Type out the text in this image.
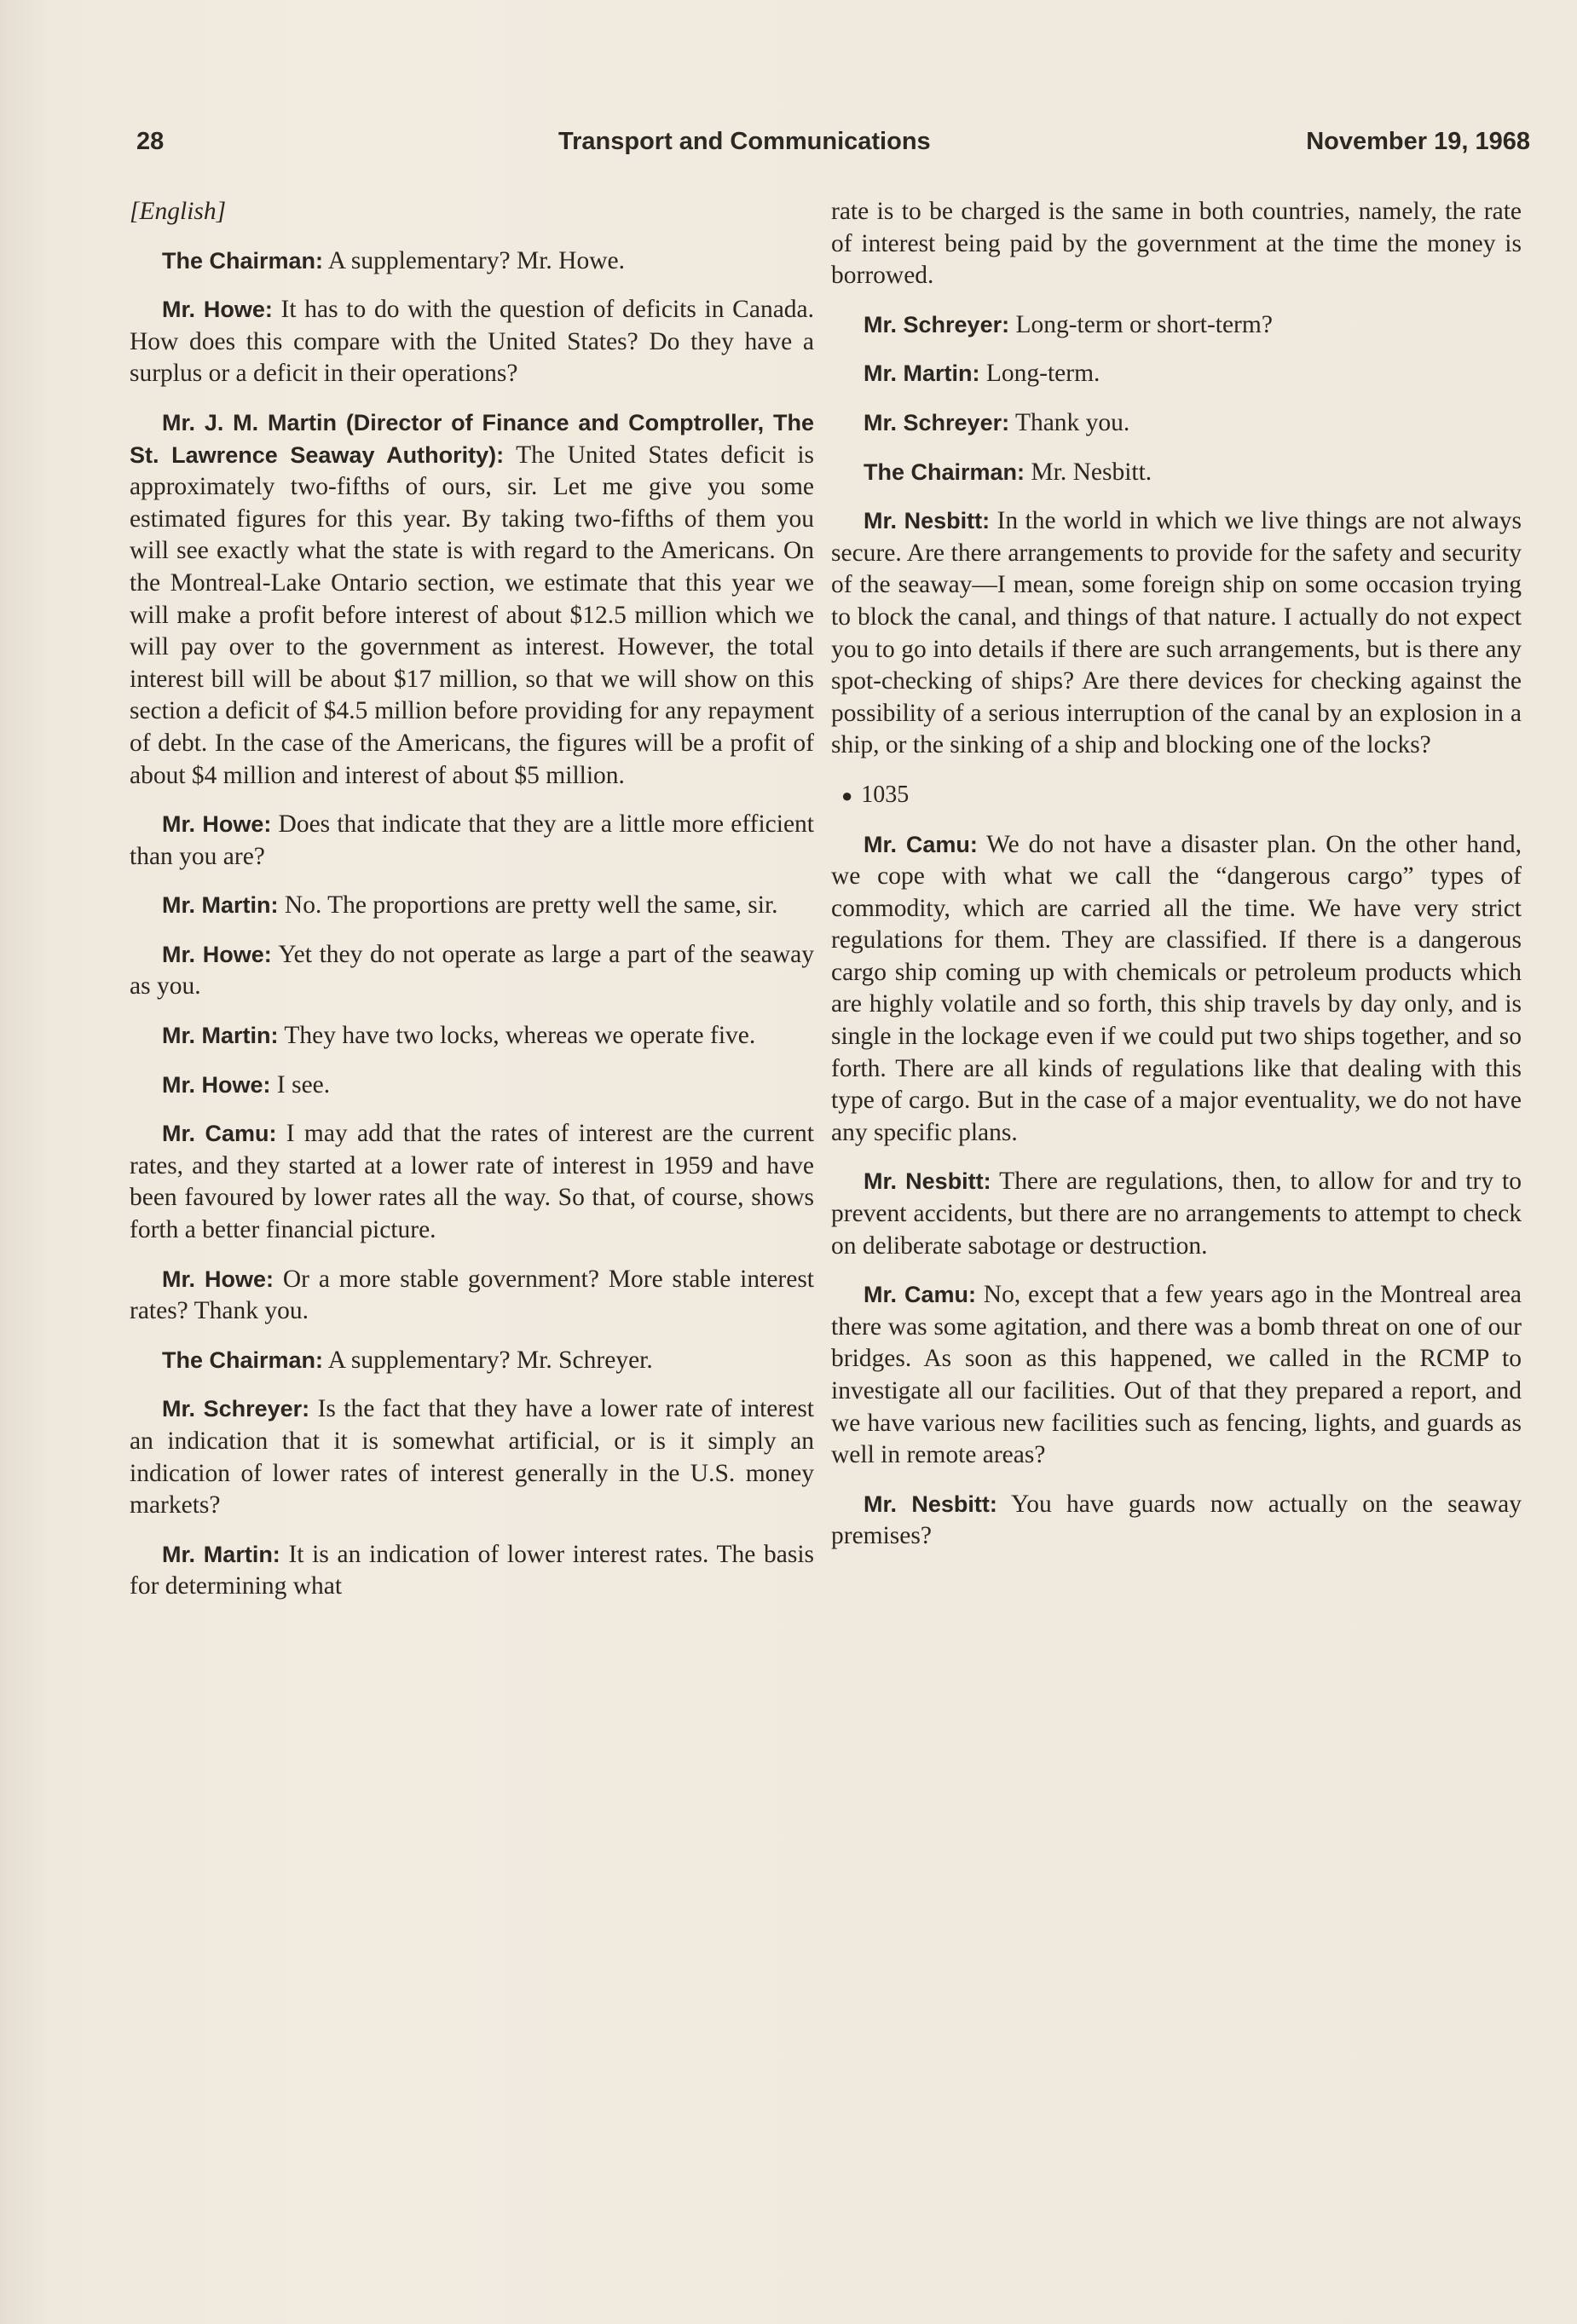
28	Transport and Communications	November 19, 1968

[English]

The Chairman: A supplementary? Mr. Howe.

Mr. Howe: It has to do with the question of deficits in Canada. How does this compare with the United States? Do they have a surplus or a deficit in their operations?

Mr. J. M. Martin (Director of Finance and Comptroller, The St. Lawrence Seaway Authority): The United States deficit is approximately two-fifths of ours, sir. Let me give you some estimated figures for this year. By taking two-fifths of them you will see exactly what the state is with regard to the Americans. On the Montreal-Lake Ontario section, we estimate that this year we will make a profit before interest of about $12.5 million which we will pay over to the government as interest. However, the total interest bill will be about $17 million, so that we will show on this section a deficit of $4.5 million before providing for any repayment of debt. In the case of the Americans, the figures will be a profit of about $4 million and interest of about $5 million.

Mr. Howe: Does that indicate that they are a little more efficient than you are?

Mr. Martin: No. The proportions are pretty well the same, sir.

Mr. Howe: Yet they do not operate as large a part of the seaway as you.

Mr. Martin: They have two locks, whereas we operate five.

Mr. Howe: I see.

Mr. Camu: I may add that the rates of interest are the current rates, and they started at a lower rate of interest in 1959 and have been favoured by lower rates all the way. So that, of course, shows forth a better financial picture.

Mr. Howe: Or a more stable government? More stable interest rates? Thank you.

The Chairman: A supplementary? Mr. Schreyer.

Mr. Schreyer: Is the fact that they have a lower rate of interest an indication that it is somewhat artificial, or is it simply an indication of lower rates of interest generally in the U.S. money markets?

Mr. Martin: It is an indication of lower interest rates. The basis for determining what

rate is to be charged is the same in both countries, namely, the rate of interest being paid by the government at the time the money is borrowed.

Mr. Schreyer: Long-term or short-term?

Mr. Martin: Long-term.

Mr. Schreyer: Thank you.

The Chairman: Mr. Nesbitt.

Mr. Nesbitt: In the world in which we live things are not always secure. Are there arrangements to provide for the safety and security of the seaway—I mean, some foreign ship on some occasion trying to block the canal, and things of that nature. I actually do not expect you to go into details if there are such arrangements, but is there any spot-checking of ships? Are there devices for checking against the possibility of a serious interruption of the canal by an explosion in a ship, or the sinking of a ship and blocking one of the locks?

● 1035

Mr. Camu: We do not have a disaster plan. On the other hand, we cope with what we call the “dangerous cargo” types of commodity, which are carried all the time. We have very strict regulations for them. They are classified. If there is a dangerous cargo ship coming up with chemicals or petroleum products which are highly volatile and so forth, this ship travels by day only, and is single in the lockage even if we could put two ships together, and so forth. There are all kinds of regulations like that dealing with this type of cargo. But in the case of a major eventuality, we do not have any specific plans.

Mr. Nesbitt: There are regulations, then, to allow for and try to prevent accidents, but there are no arrangements to attempt to check on deliberate sabotage or destruction.

Mr. Camu: No, except that a few years ago in the Montreal area there was some agitation, and there was a bomb threat on one of our bridges. As soon as this happened, we called in the RCMP to investigate all our facilities. Out of that they prepared a report, and we have various new facilities such as fencing, lights, and guards as well in remote areas?

Mr. Nesbitt: You have guards now actually on the seaway premises?
